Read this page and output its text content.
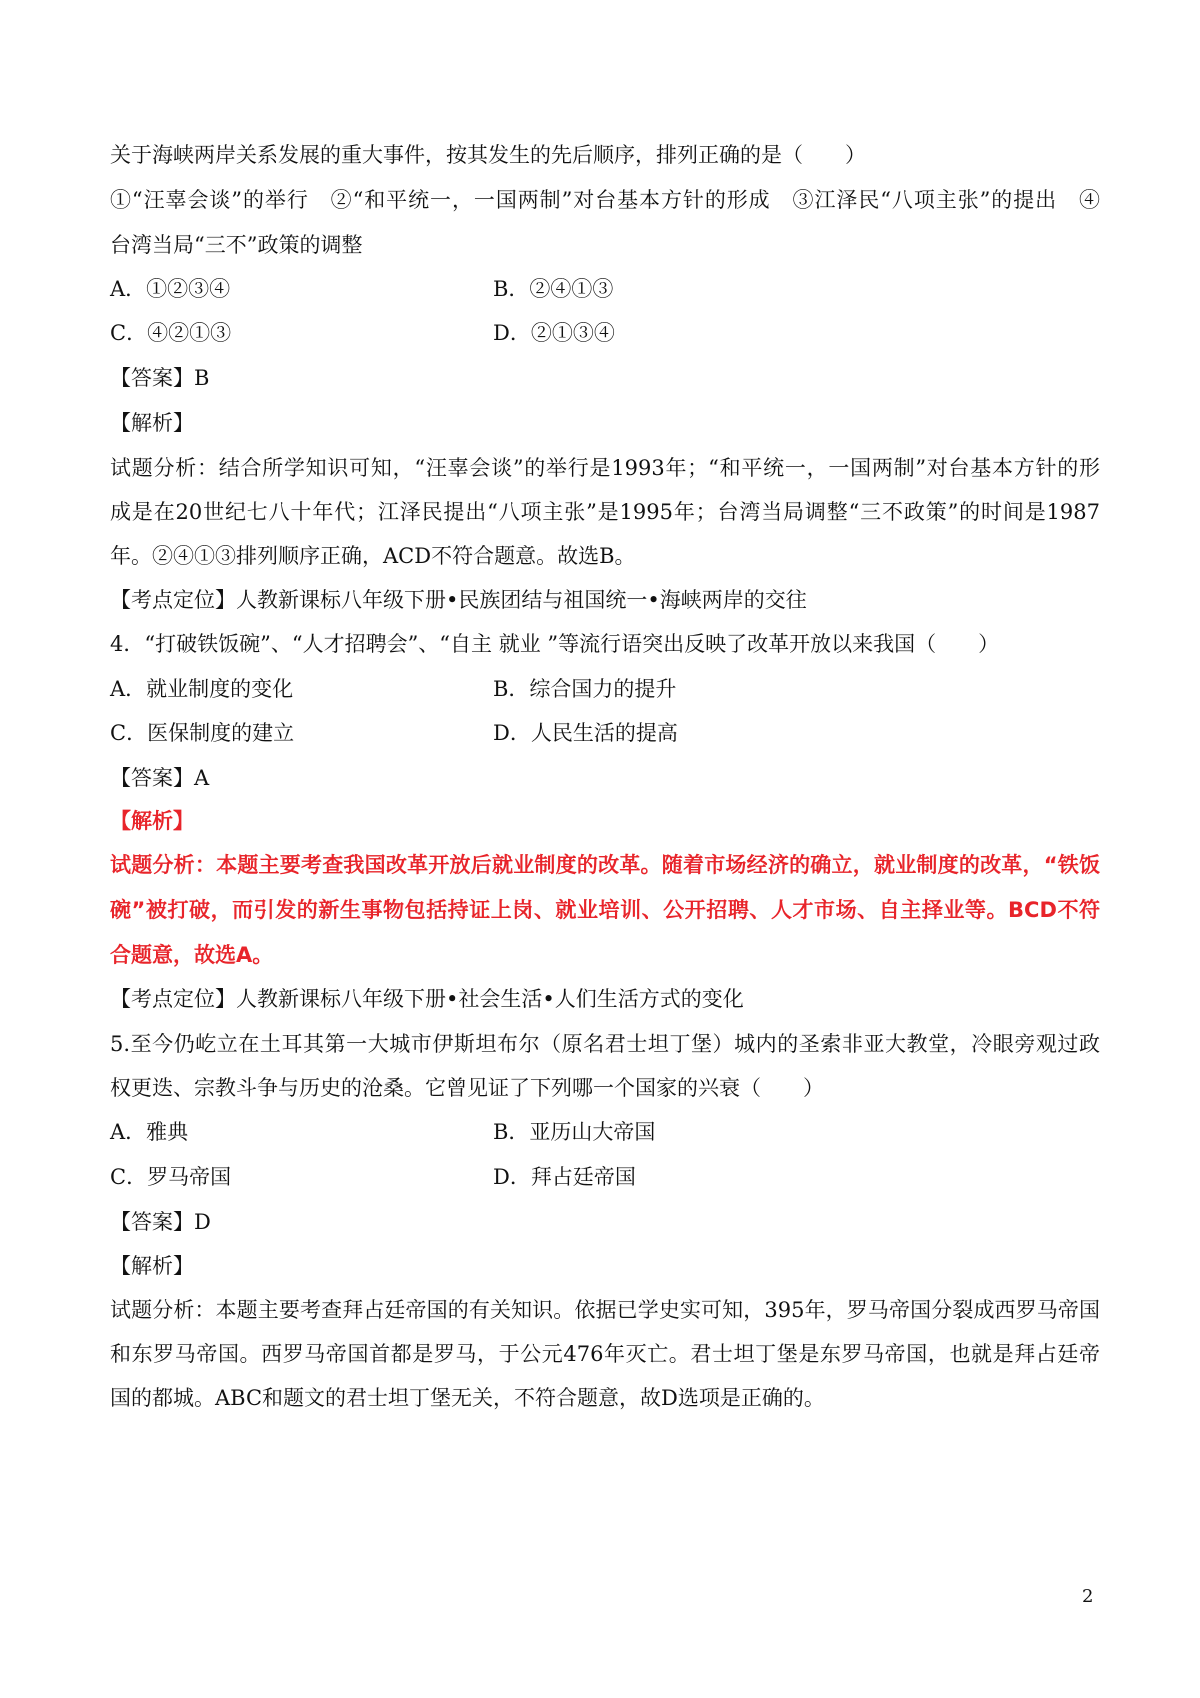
关于海峡两岸关系发展的重大事件，按其发生的先后顺序，排列正确的是（　　）
①“汪辜会谈”的举行　②“和平统一，一国两制”对台基本方针的形成　③江泽民“八项主张”的提出　④
台湾当局“三不”政策的调整
A．①②③④	B．②④①③
C．④②①③	D．②①③④
【答案】B
【解析】
试题分析：结合所学知识可知，“汪辜会谈”的举行是1993年；“和平统一，一国两制”对台基本方针的形
成是在20世纪七八十年代；江泽民提出“八项主张”是1995年；台湾当局调整“三不政策”的时间是1987
年。②④①③排列顺序正确，ACD不符合题意。故选B。
【考点定位】人教新课标八年级下册•民族团结与祖国统一•海峡两岸的交往
4．“打破铁饭碗”、“人才招聘会”、“自主 就业 ”等流行语突出反映了改革开放以来我国（　　）
A．就业制度的变化	B．综合国力的提升
C．医保制度的建立	D．人民生活的提高
【答案】A
【解析】
试题分析：本题主要考查我国改革开放后就业制度的改革。随着市场经济的确立，就业制度的改革，“铁饭
碗”被打破，而引发的新生事物包括持证上岗、就业培训、公开招聘、人才市场、自主择业等。BCD不符
合题意，故选A。
【考点定位】人教新课标八年级下册•社会生活•人们生活方式的变化
5.至今仍屹立在土耳其第一大城市伊斯坦布尔（原名君士坦丁堡）城内的圣索非亚大教堂，冷眼旁观过政
权更迭、宗教斗争与历史的沧桑。它曾见证了下列哪一个国家的兴衰（　　）
A．雅典	B．亚历山大帝国
C．罗马帝国	D．拜占廷帝国
【答案】D
【解析】
试题分析：本题主要考查拜占廷帝国的有关知识。依据已学史实可知，395年，罗马帝国分裂成西罗马帝国
和东罗马帝国。西罗马帝国首都是罗马，于公元476年灭亡。君士坦丁堡是东罗马帝国，也就是拜占廷帝
国的都城。ABC和题文的君士坦丁堡无关，不符合题意，故D选项是正确的。
2
